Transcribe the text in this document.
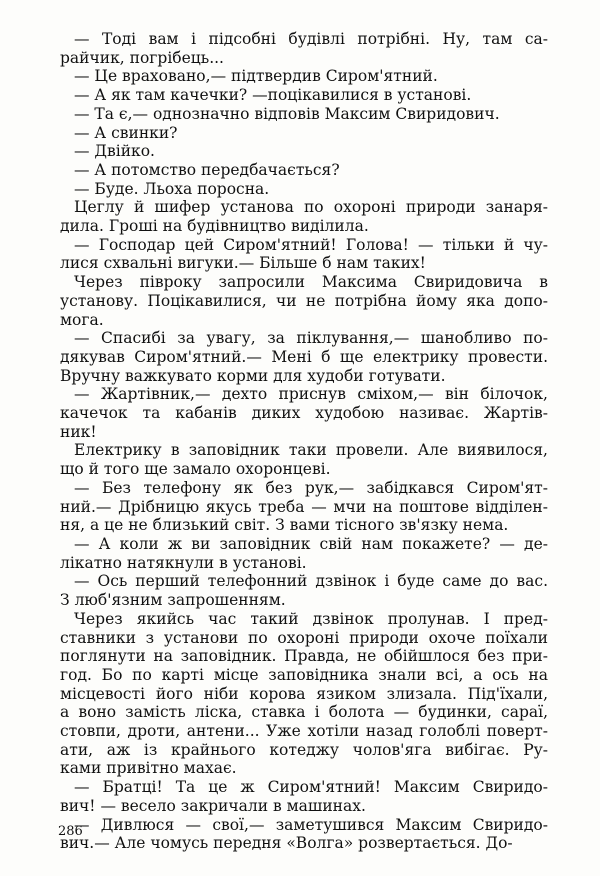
— Тоді вам і підсобні будівлі потрібні. Ну, там са-
райчик, погрібець...
— Це враховано,— підтвердив Сиром'ятний.
— А як там качечки? —поцікавилися в установі.
— Та є,— однозначно відповів Максим Свиридович.
— А свинки?
— Двійко.
— А потомство передбачається?
— Буде. Льоха поросна.
Цеглу й шифер установа по охороні природи занаря-
дила. Гроші на будівництво виділила.
— Господар цей Сиром'ятний! Голова! — тільки й чу-
лися схвальні вигуки.— Більше б нам таких!
Через півроку запросили Максима Свиридовича в
установу. Поцікавилися, чи не потрібна йому яка допо-
мога.
— Спасибі за увагу, за піклування,— шанобливо по-
дякував Сиром'ятний.— Мені б ще електрику провести.
Вручну важкувато корми для худоби готувати.
— Жартівник,— дехто приснув сміхом,— він білочок,
качечок та кабанів диких худобою називає. Жартів-
ник!
Електрику в заповідник таки провели. Але виявилося,
що й того ще замало охоронцеві.
— Без телефону як без рук,— забідкався Сиром'ят-
ний.— Дрібницю якусь треба — мчи на поштове відділен-
ня, а це не близький світ. З вами тісного зв'язку нема.
— А коли ж ви заповідник свій нам покажете? — де-
лікатно натякнули в установі.
— Ось перший телефонний дзвінок і буде саме до вас.
З люб'язним запрошенням.
Через якийсь час такий дзвінок пролунав. І пред-
ставники з установи по охороні природи охоче поїхали
поглянути на заповідник. Правда, не обійшлося без при-
год. Бо по карті місце заповідника знали всі, а ось на
місцевості його ніби корова язиком злизала. Під'їхали,
а воно замість ліска, ставка і болота — будинки, сараї,
стовпи, дроти, антени... Уже хотіли назад голоблі поверт-
ати, аж із крайнього котеджу чолов'яга вибігає. Ру-
ками привітно махає.
— Братці! Та це ж Сиром'ятний! Максим Свиридо-
вич! — весело закричали в машинах.
— Дивлюся — свої,— заметушився Максим Свиридо-
вич.— Але чомусь передня «Волга» розвертається. До-
286
